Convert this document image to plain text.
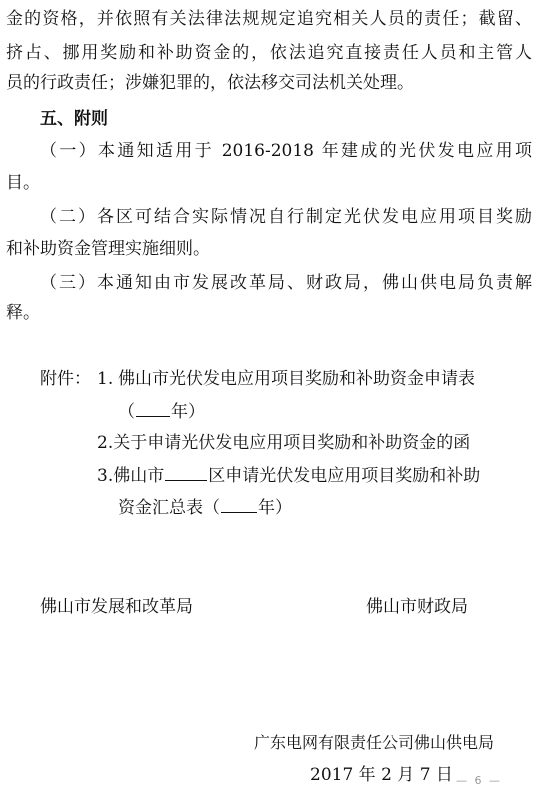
金的资格，并依照有关法律法规规定追究相关人员的责任；截留、
挤占、挪用奖励和补助资金的，依法追究直接责任人员和主管人
员的行政责任；涉嫌犯罪的，依法移交司法机关处理。
五、附则
（一）本通知适用于 2016-2018 年建成的光伏发电应用项
目。
（二）各区可结合实际情况自行制定光伏发电应用项目奖励
和补助资金管理实施细则。
（三）本通知由市发展改革局、财政局，佛山供电局负责解
释。
附件： 1. 佛山市光伏发电应用项目奖励和补助资金申请表
（ 年）
2.关于申请光伏发电应用项目奖励和补助资金的函
3.佛山市	区申请光伏发电应用项目奖励和补助
资金汇总表（ 年）
佛山市发展和改革局	佛山市财政局
广东电网有限责任公司佛山供电局
2017 年 2 月 7 日 — 6 —
